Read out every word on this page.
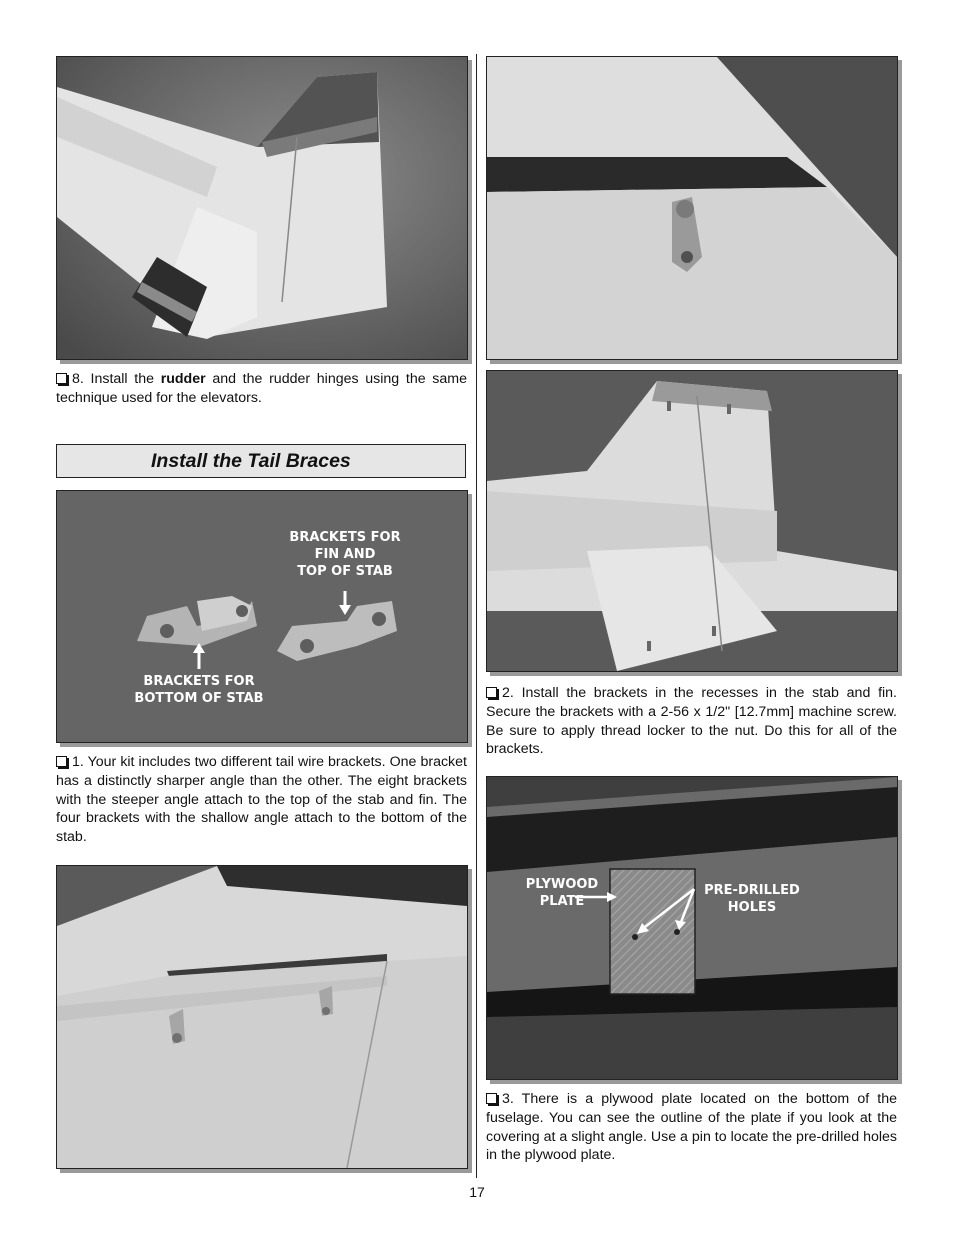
8. Install the rudder and the rudder hinges using the same technique used for the elevators.

Install the Tail Braces
BRACKETS FOR
FIN AND
TOP OF STAB
BRACKETS FOR
BOTTOM OF STAB

1. Your kit includes two different tail wire brackets. One bracket has a distinctly sharper angle than the other. The eight brackets with the steeper angle attach to the top of the stab and fin. The four brackets with the shallow angle attach to the bottom of the stab.

2. Install the brackets in the recesses in the stab and fin. Secure the brackets with a 2-56 x 1/2" [12.7mm] machine screw. Be sure to apply thread locker to the nut. Do this for all of the brackets.

PLYWOOD
PLATE
PRE-DRILLED
HOLES

3. There is a plywood plate located on the bottom of the fuselage. You can see the outline of the plate if you look at the covering at a slight angle. Use a pin to locate the pre-drilled holes in the plywood plate.

17
